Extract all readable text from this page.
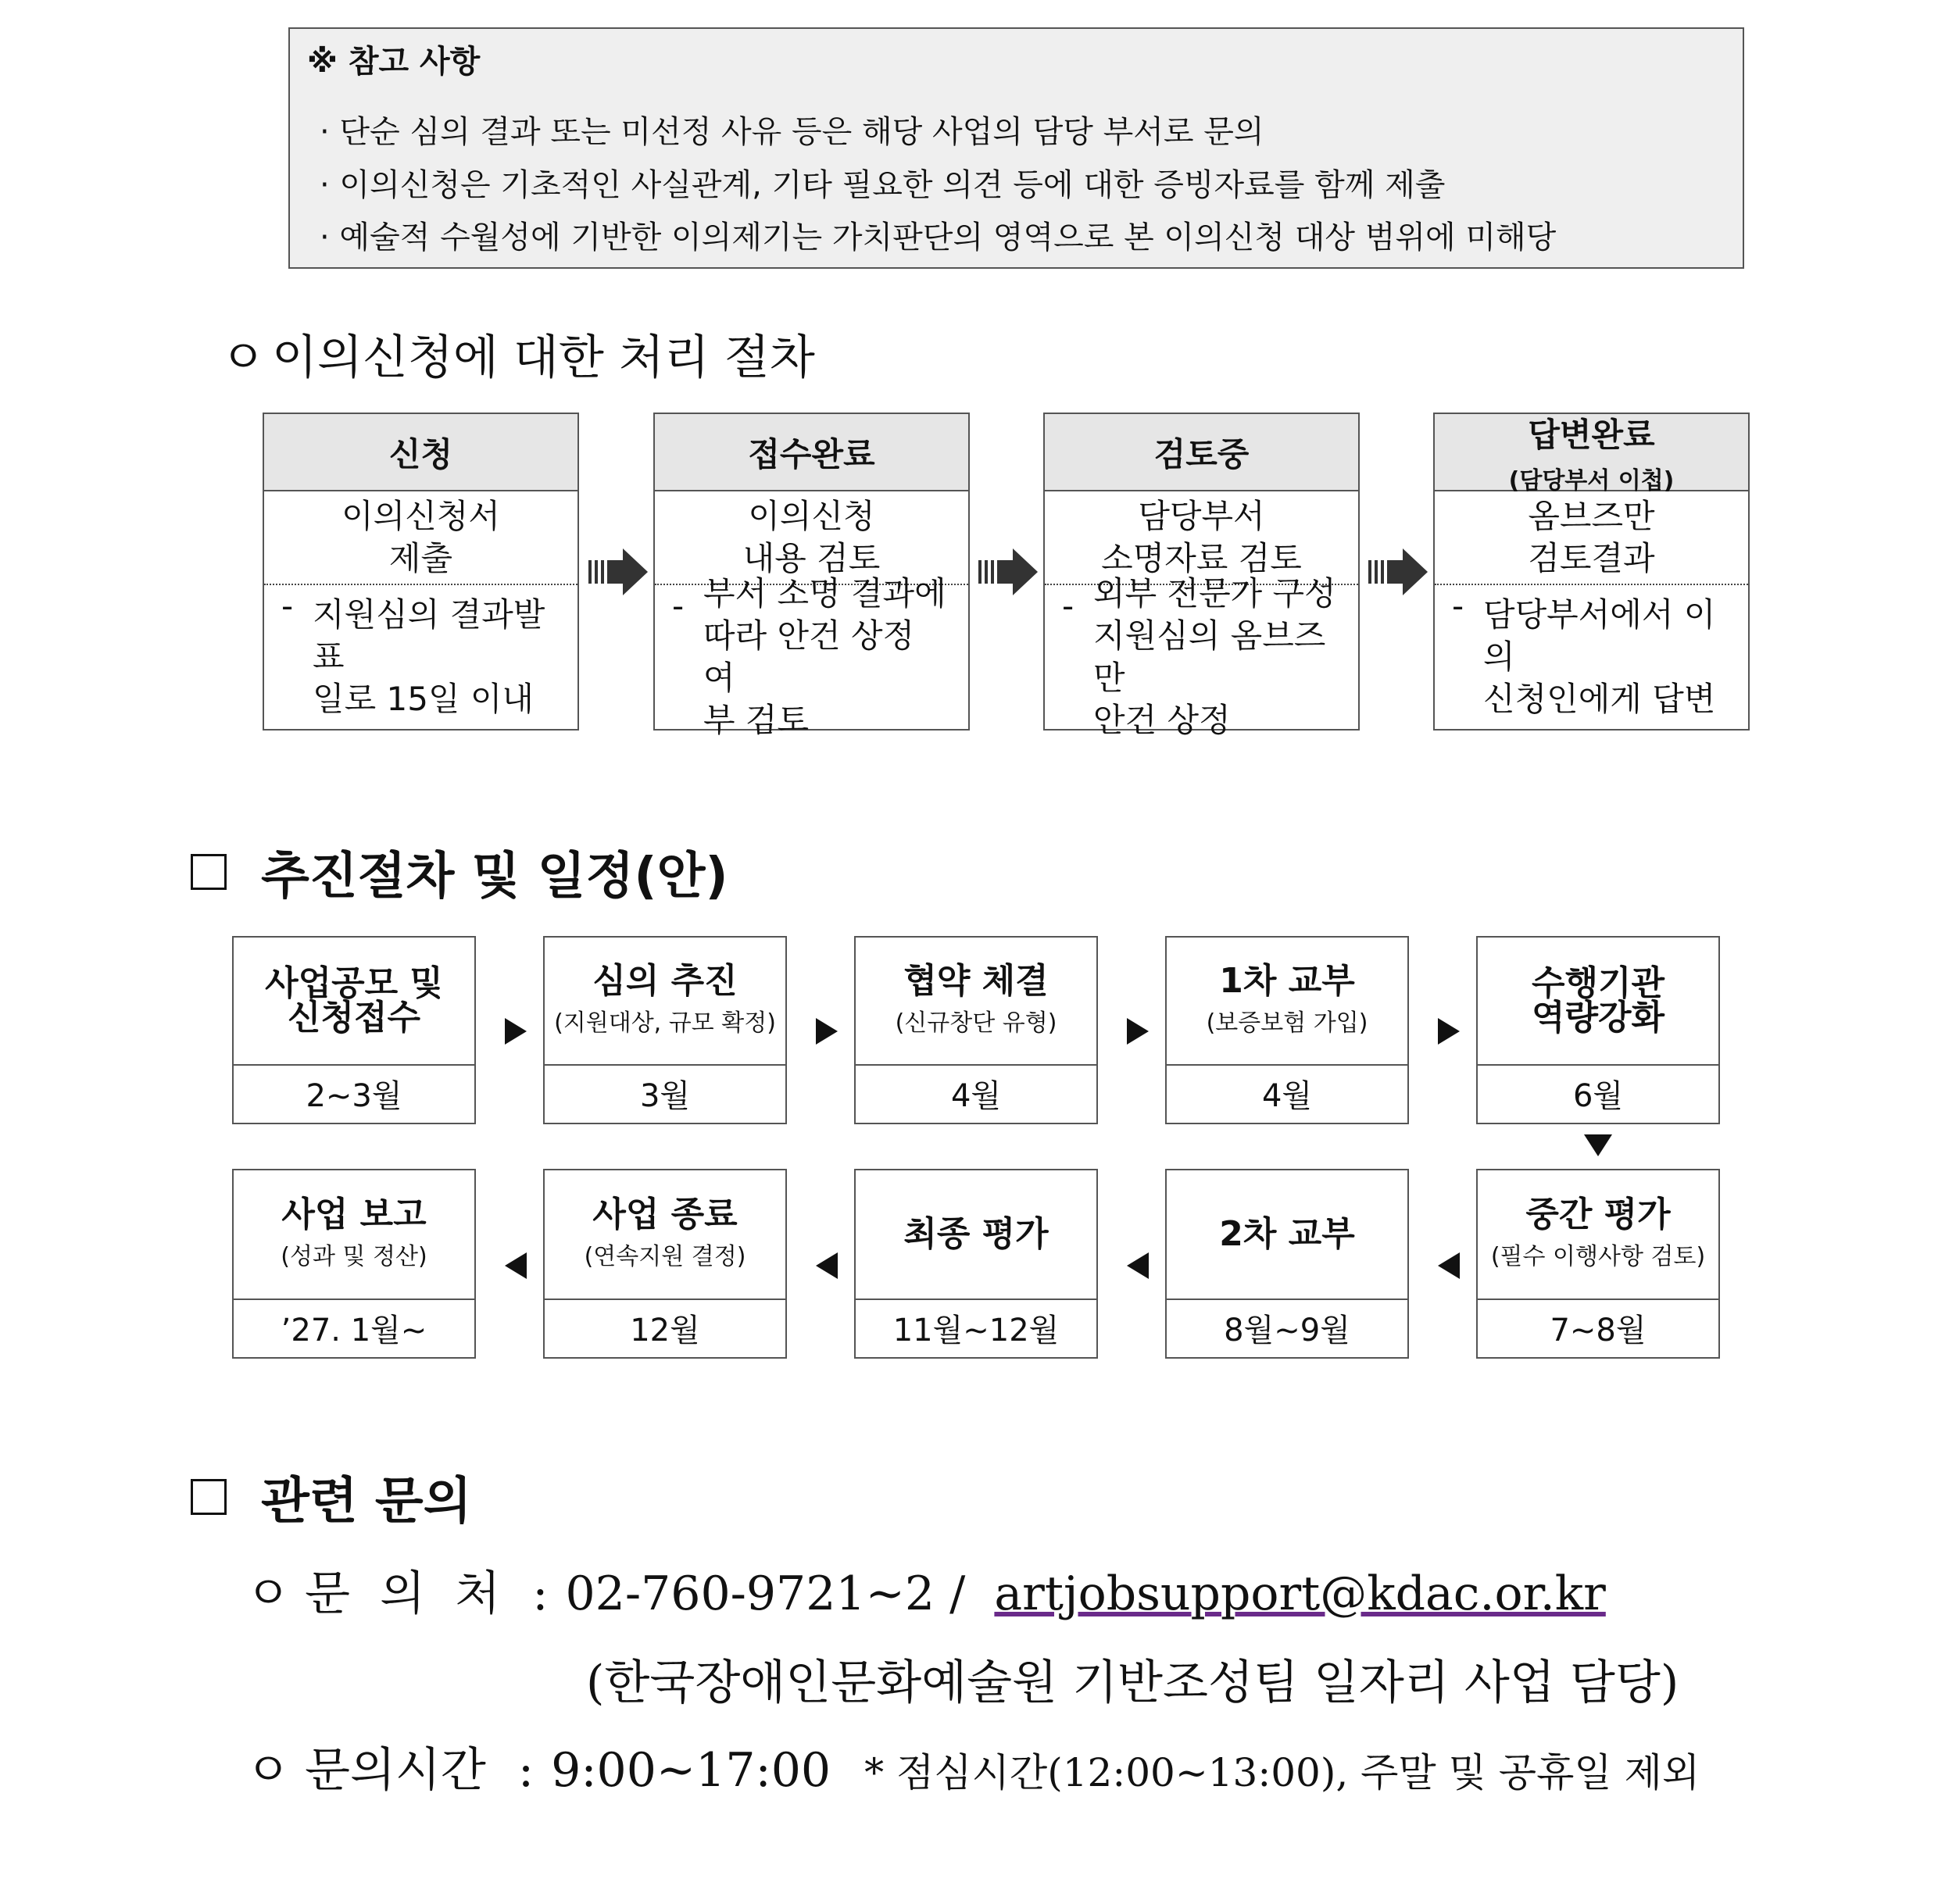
※ 참고 사항
· 단순 심의 결과 또는 미선정 사유 등은 해당 사업의 담당 부서로 문의
· 이의신청은 기초적인 사실관계, 기타 필요한 의견 등에 대한 증빙자료를 함께 제출
· 예술적 수월성에 기반한 이의제기는 가치판단의 영역으로 본 이의신청 대상 범위에 미해당
ㅇ 이의신청에 대한 처리 절차
신청
이의신청서
제출
- 지원심의 결과발표
일로 15일 이내
접수완료
이의신청
내용 검토
- 부서 소명 결과에
따라 안건 상정 여
부 검토
검토중
담당부서
소명자료 검토
- 외부 전문가 구성
지원심의 옴브즈만
안건 상정
답변완료
(담당부서 이첩)
옴브즈만
검토결과
- 담당부서에서 이의
신청인에게 답변
추진절차 및 일정(안)
사업공모 및
신청접수
2~3월
심의 추진
(지원대상, 규모 확정)
3월
협약 체결
(신규창단 유형)
4월
1차 교부
(보증보험 가입)
4월
수행기관
역량강화
6월
사업 보고
(성과 및 정산)
’27. 1월~
사업 종료
(연속지원 결정)
12월
최종 평가
11월~12월
2차 교부
8월~9월
중간 평가
(필수 이행사항 검토)
7~8월
관련 문의
ㅇ 문  의  처 : 02-760-9721~2 / artjobsupport@kdac.or.kr
(한국장애인문화예술원 기반조성팀 일자리 사업 담당)
ㅇ 문의시간 : 9:00~17:00 * 점심시간(12:00~13:00), 주말 및 공휴일 제외
